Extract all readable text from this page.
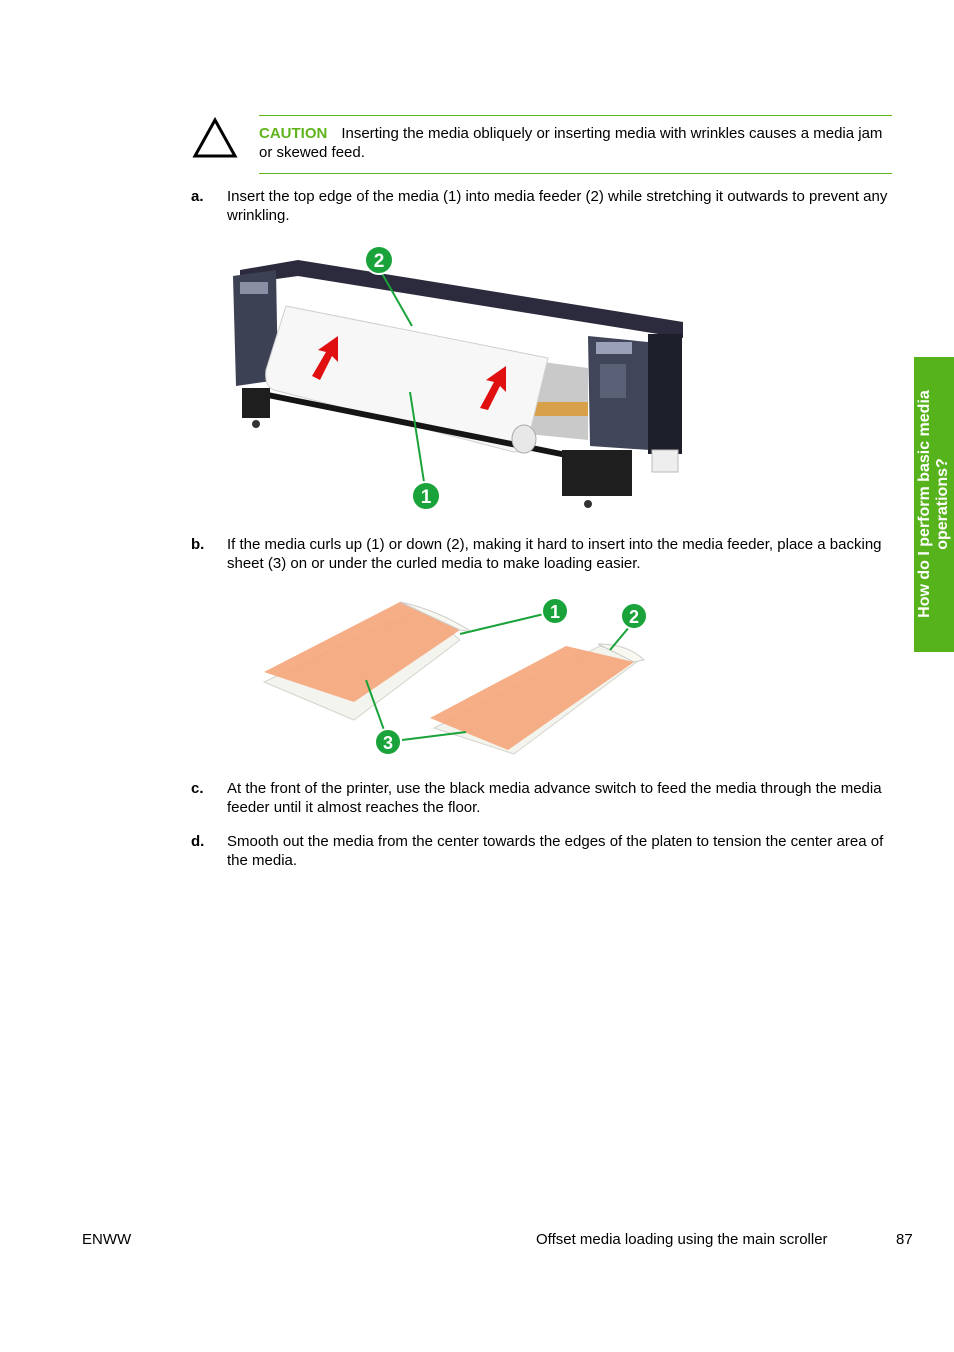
CAUTION Inserting the media obliquely or inserting media with wrinkles causes a media jam or skewed feed.
a. Insert the top edge of the media (1) into media feeder (2) while stretching it outwards to prevent any wrinkling.
2
1
b. If the media curls up (1) or down (2), making it hard to insert into the media feeder, place a backing sheet (3) on or under the curled media to make loading easier.
1	2
3
c. At the front of the printer, use the black media advance switch to feed the media through the media feeder until it almost reaches the floor.
d. Smooth out the media from the center towards the edges of the platen to tension the center area of the media.
How do I perform basic media operations?
ENWW	Offset media loading using the main scroller	87
